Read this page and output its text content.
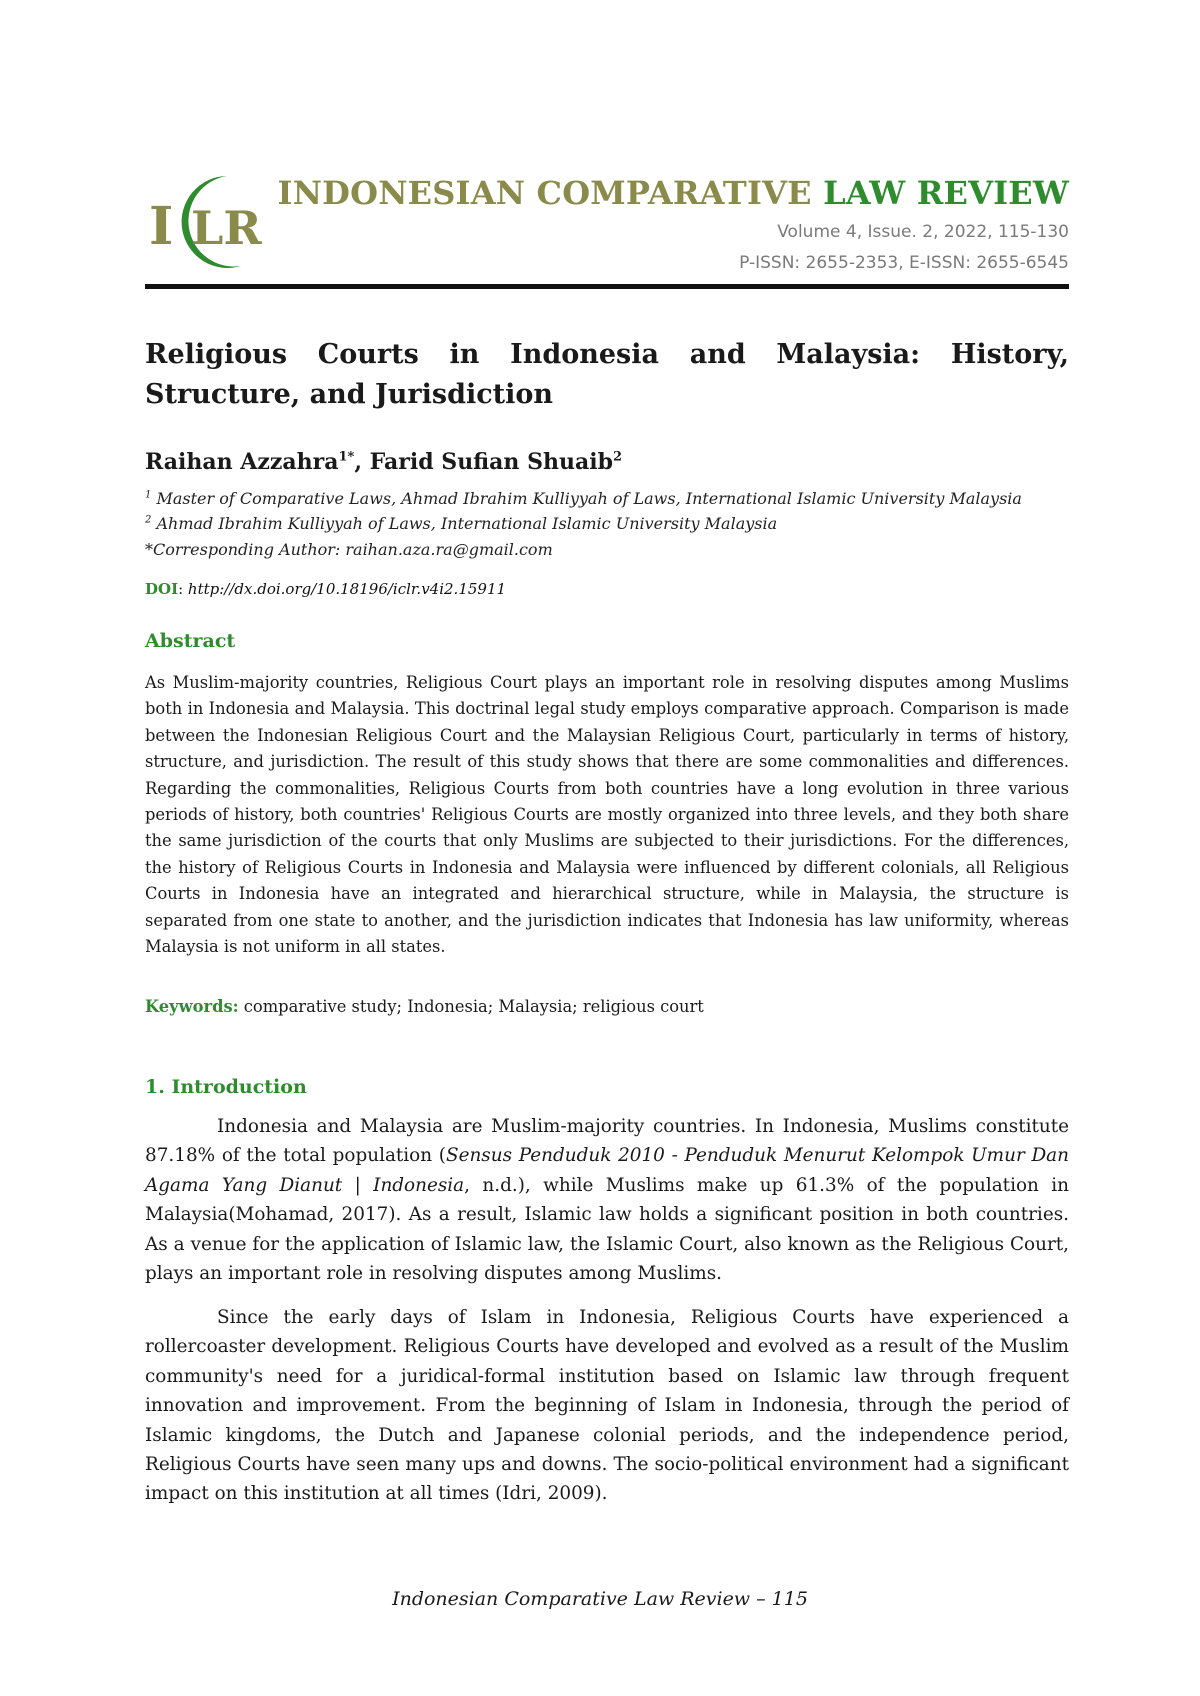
I LR
INDONESIAN COMPARATIVE LAW REVIEW
Volume 4, Issue. 2, 2022, 115-130
P-ISSN: 2655-2353, E-ISSN: 2655-6545
Religious Courts in Indonesia and Malaysia: History, Structure, and Jurisdiction
Raihan Azzahra$^{1*}$, Farid Sufian Shuaib$^2$
$^1$ Master of Comparative Laws, Ahmad Ibrahim Kulliyyah of Laws, International Islamic University Malaysia
$^2$ Ahmad Ibrahim Kulliyyah of Laws, International Islamic University Malaysia
*Corresponding Author: raihan.aza.ra@gmail.com
DOI: http://dx.doi.org/10.18196/iclr.v4i2.15911
Abstract
As Muslim-majority countries, Religious Court plays an important role in resolving disputes among Muslims both in Indonesia and Malaysia. This doctrinal legal study employs comparative approach. Comparison is made between the Indonesian Religious Court and the Malaysian Religious Court, particularly in terms of history, structure, and jurisdiction. The result of this study shows that there are some commonalities and differences. Regarding the commonalities, Religious Courts from both countries have a long evolution in three various periods of history, both countries' Religious Courts are mostly organized into three levels, and they both share the same jurisdiction of the courts that only Muslims are subjected to their jurisdictions. For the differences, the history of Religious Courts in Indonesia and Malaysia were influenced by different colonials, all Religious Courts in Indonesia have an integrated and hierarchical structure, while in Malaysia, the structure is separated from one state to another, and the jurisdiction indicates that Indonesia has law uniformity, whereas Malaysia is not uniform in all states.
Keywords: comparative study; Indonesia; Malaysia; religious court
1. Introduction
Indonesia and Malaysia are Muslim-majority countries. In Indonesia, Muslims constitute 87.18% of the total population (Sensus Penduduk 2010 - Penduduk Menurut Kelompok Umur Dan Agama Yang Dianut | Indonesia, n.d.), while Muslims make up 61.3% of the population in Malaysia(Mohamad, 2017). As a result, Islamic law holds a significant position in both countries. As a venue for the application of Islamic law, the Islamic Court, also known as the Religious Court, plays an important role in resolving disputes among Muslims.
Since the early days of Islam in Indonesia, Religious Courts have experienced a rollercoaster development. Religious Courts have developed and evolved as a result of the Muslim community's need for a juridical-formal institution based on Islamic law through frequent innovation and improvement. From the beginning of Islam in Indonesia, through the period of Islamic kingdoms, the Dutch and Japanese colonial periods, and the independence period, Religious Courts have seen many ups and downs. The socio-political environment had a significant impact on this institution at all times (Idri, 2009).
Indonesian Comparative Law Review – 115
